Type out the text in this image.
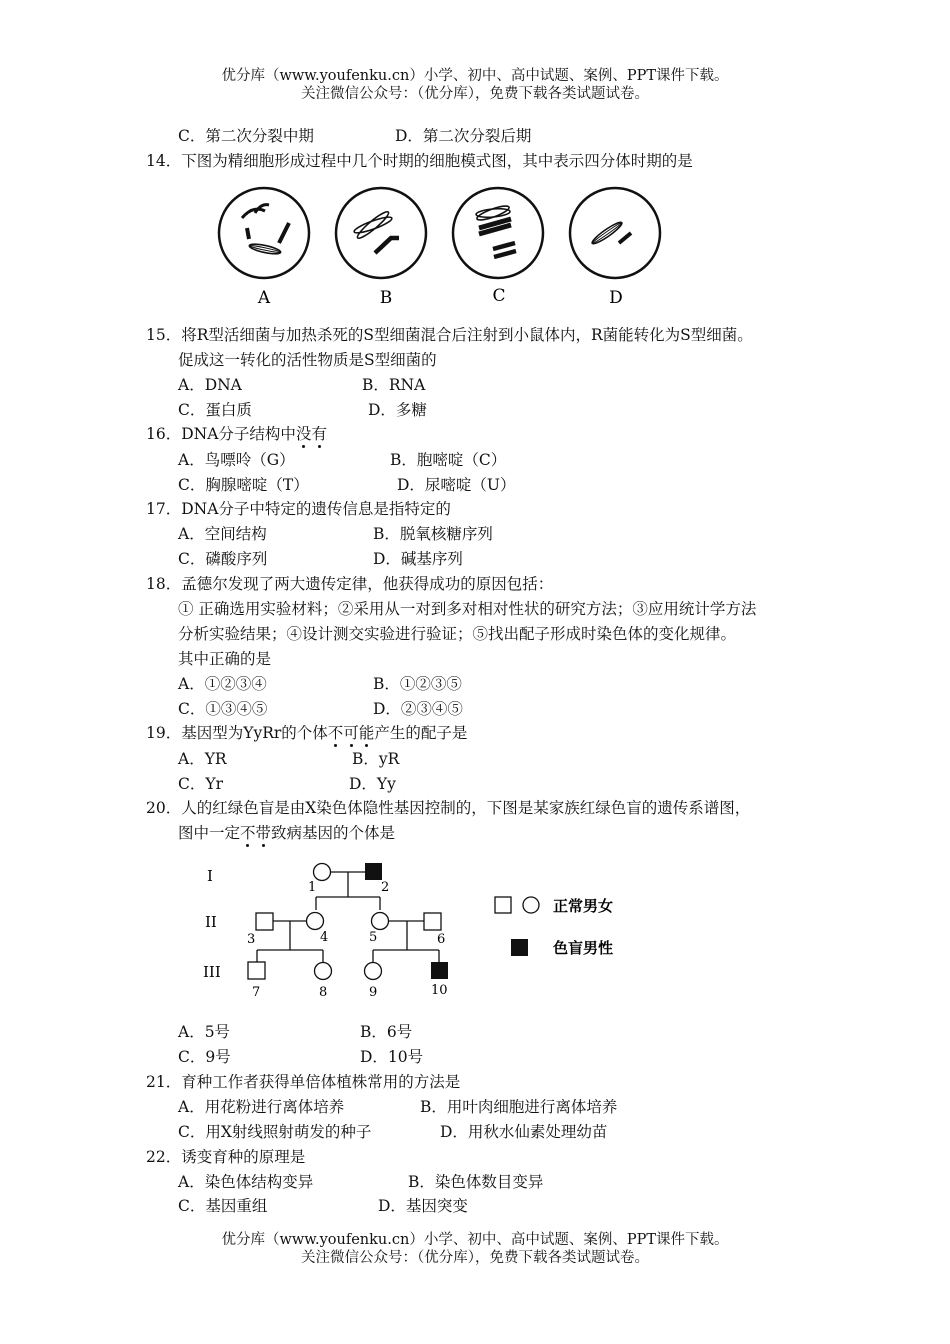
优分库（www.youfenku.cn）小学、初中、高中试题、案例、PPT课件下载。
关注微信公众号：（优分库），免费下载各类试题试卷。
C．第二次分裂中期	D．第二次分裂后期
14．下图为精细胞形成过程中几个时期的细胞模式图，其中表示四分体时期的是
A	B	C	D
15．将R型活细菌与加热杀死的S型细菌混合后注射到小鼠体内，R菌能转化为S型细菌。
促成这一转化的活性物质是S型细菌的
A．DNA	B．RNA
C．蛋白质	D．多糖
16．DNA分子结构中没有
A．鸟嘌呤（G）	B．胞嘧啶（C）
C．胸腺嘧啶（T）	D．尿嘧啶（U）
17．DNA分子中特定的遗传信息是指特定的
A．空间结构	B．脱氧核糖序列
C．磷酸序列	D．碱基序列
18．孟德尔发现了两大遗传定律，他获得成功的原因包括：
① 正确选用实验材料；②采用从一对到多对相对性状的研究方法；③应用统计学方法
分析实验结果；④设计测交实验进行验证；⑤找出配子形成时染色体的变化规律。
其中正确的是
A．①②③④	B．①②③⑤
C．①③④⑤	D．②③④⑤
19．基因型为YyRr的个体不可能产生的配子是
A．YR	B．yR
C．Yr	D．Yy
20．人的红绿色盲是由X染色体隐性基因控制的，下图是某家族红绿色盲的遗传系谱图，
图中一定不带致病基因的个体是
I
II
III
1	2
3	4	5	6
7	8	9	10
正常男女
色盲男性
A．5号	B．6号
C．9号	D．10号
21．育种工作者获得单倍体植株常用的方法是
A．用花粉进行离体培养	B．用叶肉细胞进行离体培养
C．用X射线照射萌发的种子	D．用秋水仙素处理幼苗
22．诱变育种的原理是
A．染色体结构变异	B．染色体数目变异
C．基因重组	D．基因突变
优分库（www.youfenku.cn）小学、初中、高中试题、案例、PPT课件下载。
关注微信公众号：（优分库），免费下载各类试题试卷。
